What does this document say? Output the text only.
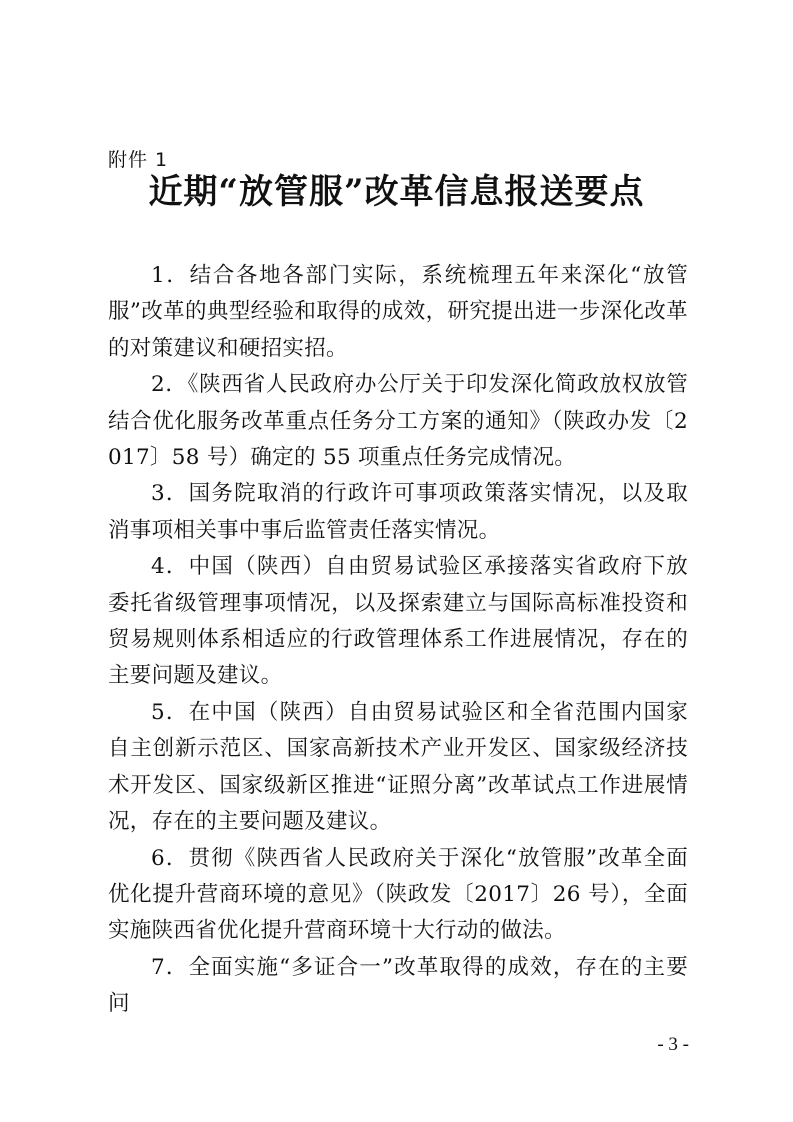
附件 1
近期“放管服”改革信息报送要点

1．结合各地各部门实际，系统梳理五年来深化“放管服”改革的典型经验和取得的成效，研究提出进一步深化改革的对策建议和硬招实招。

2．《陕西省人民政府办公厅关于印发深化简政放权放管结合优化服务改革重点任务分工方案的通知》（陕政办发〔2017〕58 号）确定的 55 项重点任务完成情况。

3．国务院取消的行政许可事项政策落实情况，以及取消事项相关事中事后监管责任落实情况。

4．中国（陕西）自由贸易试验区承接落实省政府下放委托省级管理事项情况，以及探索建立与国际高标准投资和贸易规则体系相适应的行政管理体系工作进展情况，存在的主要问题及建议。

5．在中国（陕西）自由贸易试验区和全省范围内国家自主创新示范区、国家高新技术产业开发区、国家级经济技术开发区、国家级新区推进“证照分离”改革试点工作进展情况，存在的主要问题及建议。

6．贯彻《陕西省人民政府关于深化“放管服”改革全面优化提升营商环境的意见》（陕政发〔2017〕26 号），全面实施陕西省优化提升营商环境十大行动的做法。

7．全面实施“多证合一”改革取得的成效，存在的主要问

- 3 -
